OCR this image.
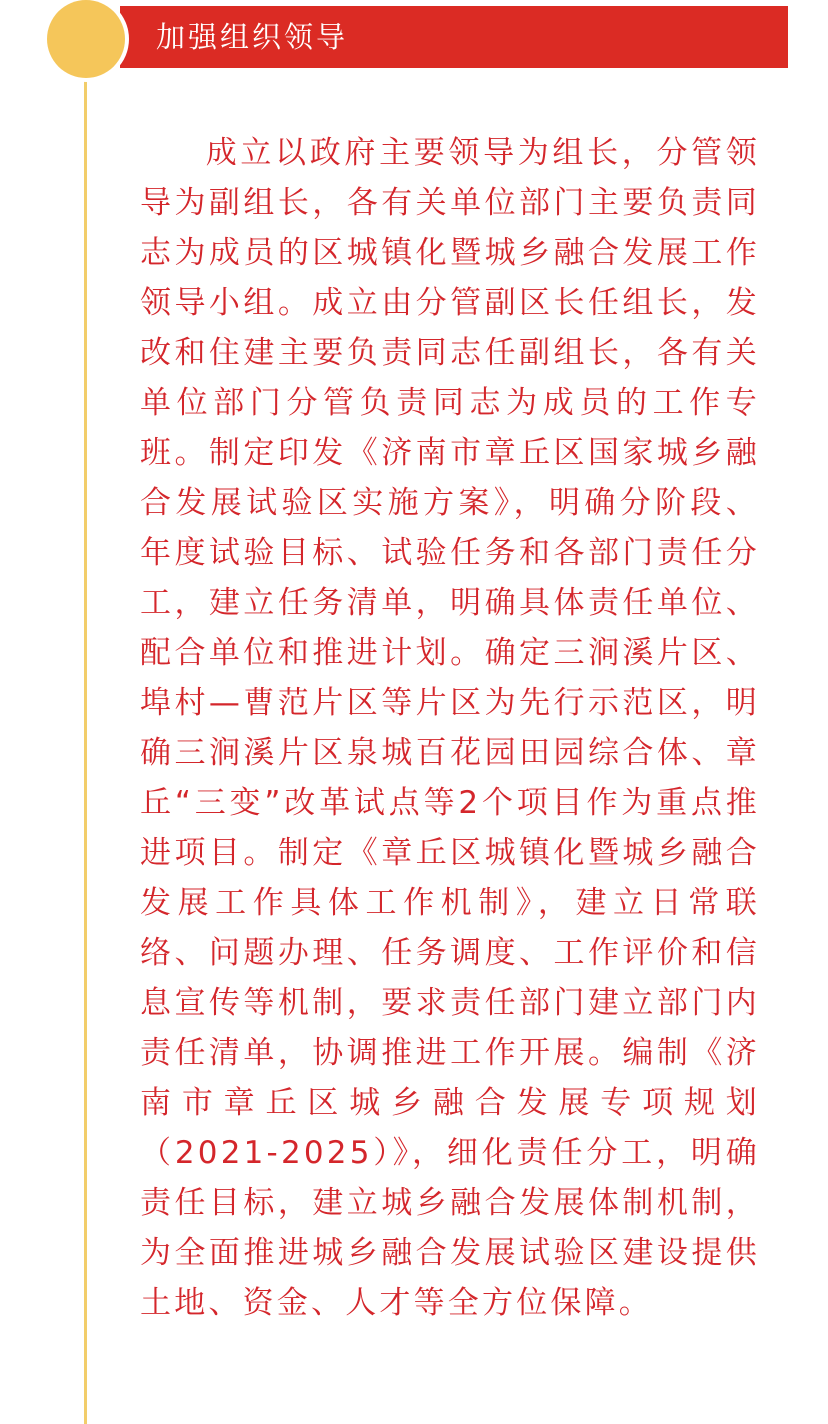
加强组织领导

成立以政府主要领导为组长，分管领导为副组长，各有关单位部门主要负责同志为成员的区城镇化暨城乡融合发展工作领导小组。成立由分管副区长任组长，发改和住建主要负责同志任副组长，各有关单位部门分管负责同志为成员的工作专班。制定印发《济南市章丘区国家城乡融合发展试验区实施方案》，明确分阶段、年度试验目标、试验任务和各部门责任分工，建立任务清单，明确具体责任单位、配合单位和推进计划。确定三涧溪片区、埠村—曹范片区等片区为先行示范区，明确三涧溪片区泉城百花园田园综合体、章丘“三变”改革试点等2个项目作为重点推进项目。制定《章丘区城镇化暨城乡融合发展工作具体工作机制》，建立日常联络、问题办理、任务调度、工作评价和信息宣传等机制，要求责任部门建立部门内责任清单，协调推进工作开展。编制《济南市章丘区城乡融合发展专项规划（2021-2025）》，细化责任分工，明确责任目标，建立城乡融合发展体制机制，为全面推进城乡融合发展试验区建设提供土地、资金、人才等全方位保障。
